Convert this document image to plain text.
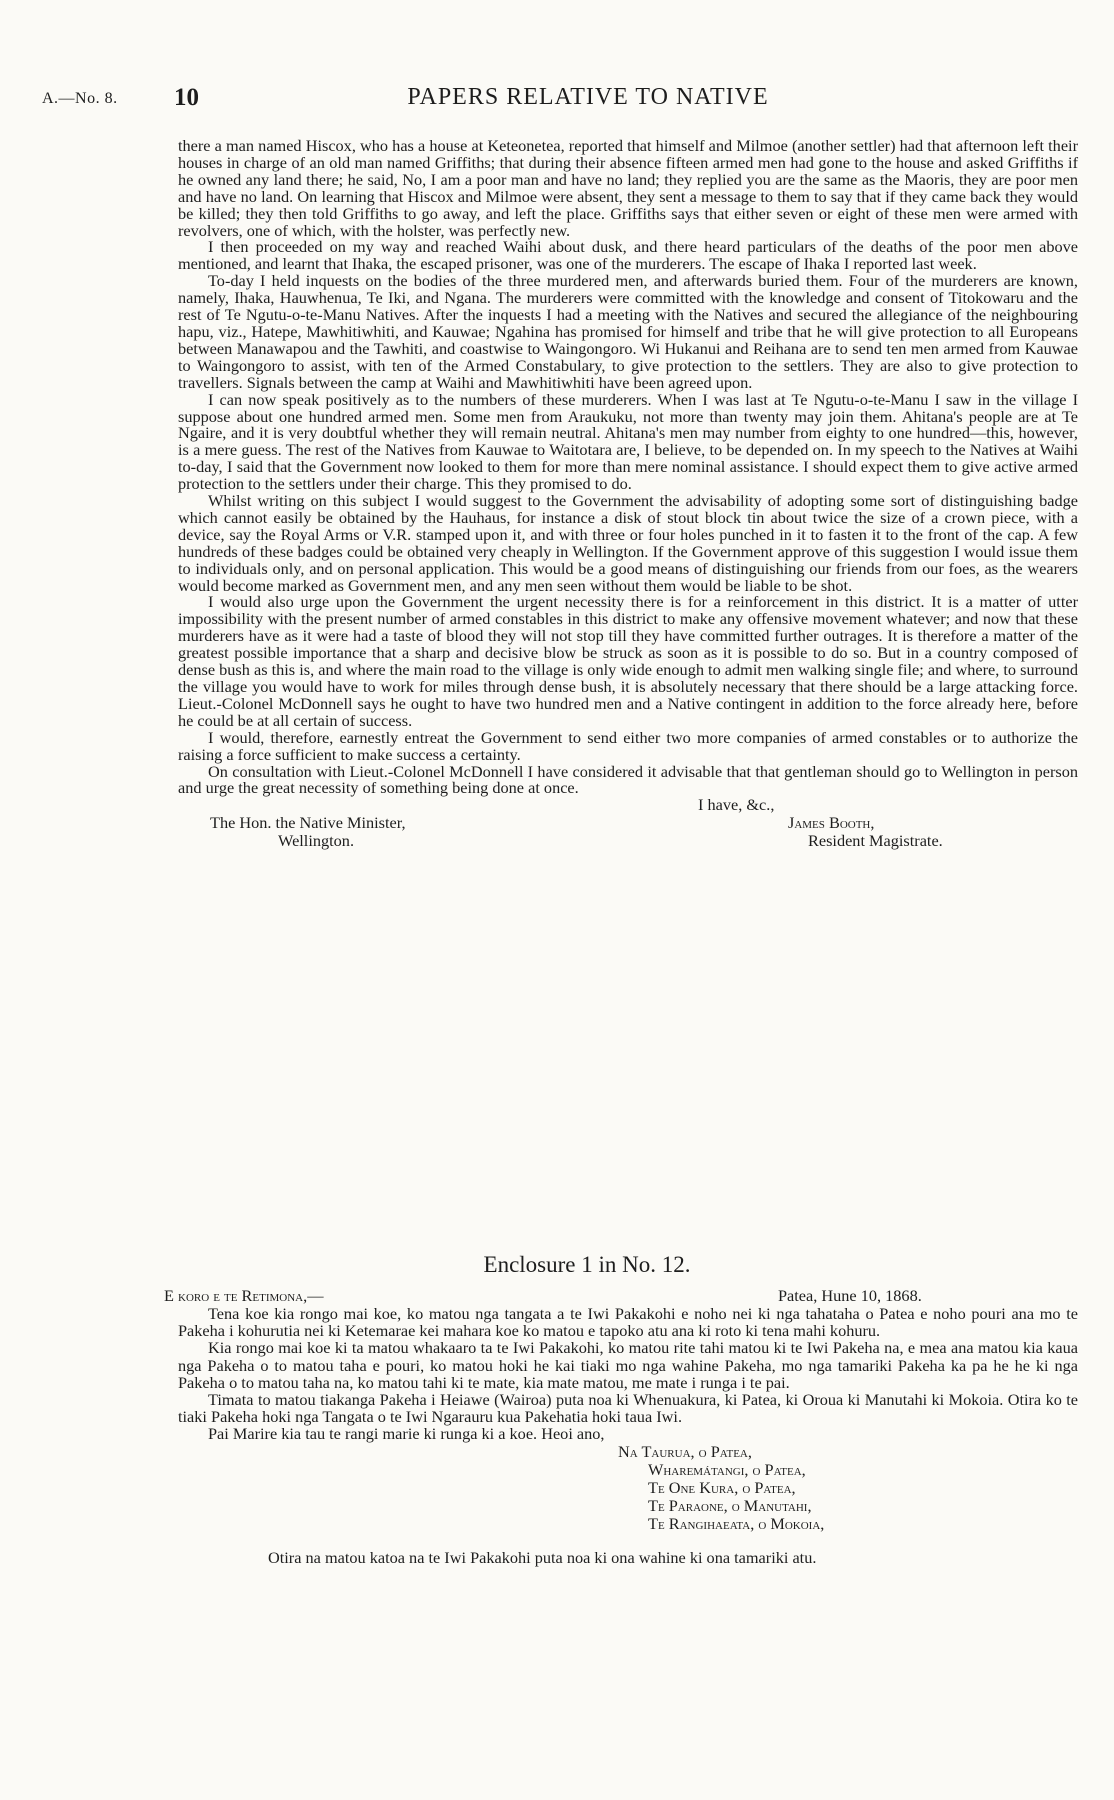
A.—No. 8. 10	PAPERS RELATIVE TO NATIVE

there a man named Hiscox, who has a house at Keteonetea, reported that himself and Milmoe (another settler) had that afternoon left their houses in charge of an old man named Griffiths; that during their absence fifteen armed men had gone to the house and asked Griffiths if he owned any land there; he said, No, I am a poor man and have no land; they replied you are the same as the Maoris, they are poor men and have no land. On learning that Hiscox and Milmoe were absent, they sent a message to them to say that if they came back they would be killed; they then told Griffiths to go away, and left the place. Griffiths says that either seven or eight of these men were armed with revolvers, one of which, with the holster, was perfectly new.

I then proceeded on my way and reached Waihi about dusk, and there heard particulars of the deaths of the poor men above mentioned, and learnt that Ihaka, the escaped prisoner, was one of the murderers. The escape of Ihaka I reported last week.

To-day I held inquests on the bodies of the three murdered men, and afterwards buried them. Four of the murderers are known, namely, Ihaka, Hauwhenua, Te Iki, and Ngana. The murderers were committed with the knowledge and consent of Titokowaru and the rest of Te Ngutu-o-te-Manu Natives. After the inquests I had a meeting with the Natives and secured the allegiance of the neighbouring hapu, viz., Hatepe, Mawhitiwhiti, and Kauwae; Ngahina has promised for himself and tribe that he will give protection to all Europeans between Manawapou and the Tawhiti, and coastwise to Waingongoro. Wi Hukanui and Reihana are to send ten men armed from Kauwae to Waingongoro to assist, with ten of the Armed Constabulary, to give protection to the settlers. They are also to give protection to travellers. Signals between the camp at Waihi and Mawhitiwhiti have been agreed upon.

I can now speak positively as to the numbers of these murderers. When I was last at Te Ngutu-o-te-Manu I saw in the village I suppose about one hundred armed men. Some men from Araukuku, not more than twenty may join them. Ahitana's people are at Te Ngaire, and it is very doubtful whether they will remain neutral. Ahitana's men may number from eighty to one hundred—this, however, is a mere guess. The rest of the Natives from Kauwae to Waitotara are, I believe, to be depended on. In my speech to the Natives at Waihi to-day, I said that the Government now looked to them for more than mere nominal assistance. I should expect them to give active armed protection to the settlers under their charge. This they promised to do.

Whilst writing on this subject I would suggest to the Government the advisability of adopting some sort of distinguishing badge which cannot easily be obtained by the Hauhaus, for instance a disk of stout block tin about twice the size of a crown piece, with a device, say the Royal Arms or V.R. stamped upon it, and with three or four holes punched in it to fasten it to the front of the cap. A few hundreds of these badges could be obtained very cheaply in Wellington. If the Government approve of this suggestion I would issue them to individuals only, and on personal application. This would be a good means of distinguishing our friends from our foes, as the wearers would become marked as Government men, and any men seen without them would be liable to be shot.

I would also urge upon the Government the urgent necessity there is for a reinforcement in this district. It is a matter of utter impossibility with the present number of armed constables in this district to make any offensive movement whatever; and now that these murderers have as it were had a taste of blood they will not stop till they have committed further outrages. It is therefore a matter of the greatest possible importance that a sharp and decisive blow be struck as soon as it is possible to do so. But in a country composed of dense bush as this is, and where the main road to the village is only wide enough to admit men walking single file; and where, to surround the village you would have to work for miles through dense bush, it is absolutely necessary that there should be a large attacking force. Lieut.-Colonel McDonnell says he ought to have two hundred men and a Native contingent in addition to the force already here, before he could be at all certain of success.

I would, therefore, earnestly entreat the Government to send either two more companies of armed constables or to authorize the raising a force sufficient to make success a certainty.

On consultation with Lieut.-Colonel McDonnell I have considered it advisable that that gentleman should go to Wellington in person and urge the great necessity of something being done at once.

I have, &c.,
The Hon. the Native Minister,
Wellington.
James Booth,
Resident Magistrate.
Enclosure 1 in No. 12.
E koro e te Retimona,—	Patea, Hune 10, 1868.

Tena koe kia rongo mai koe, ko matou nga tangata a te Iwi Pakakohi e noho nei ki nga tahataha o Patea e noho pouri ana mo te Pakeha i kohurutia nei ki Ketemarae kei mahara koe ko matou e tapoko atu ana ki roto ki tena mahi kohuru.

Kia rongo mai koe ki ta matou whakaaro ta te Iwi Pakakohi, ko matou rite tahi matou ki te Iwi Pakeha na, e mea ana matou kia kaua nga Pakeha o to matou taha e pouri, ko matou hoki he kai tiaki mo nga wahine Pakeha, mo nga tamariki Pakeha ka pa he he ki nga Pakeha o to matou taha na, ko matou tahi ki te mate, kia mate matou, me mate i runga i te pai.

Timata to matou tiakanga Pakeha i Heiawe (Wairoa) puta noa ki Whenuakura, ki Patea, ki Oroua ki Manutahi ki Mokoia. Otira ko te tiaki Pakeha hoki nga Tangata o te Iwi Ngarauru kua Pakehatia hoki taua Iwi.

Pai Marire kia tau te rangi marie ki runga ki a koe. Heoi ano,

Na Taurua, o Patea,
Wharemátangi, o Patea,
Te One Kura, o Patea,
Te Paraone, o Manutahi,
Te Rangihaeata, o Mokoia,

Otira na matou katoa na te Iwi Pakakohi puta noa ki ona wahine ki ona tamariki atu.
